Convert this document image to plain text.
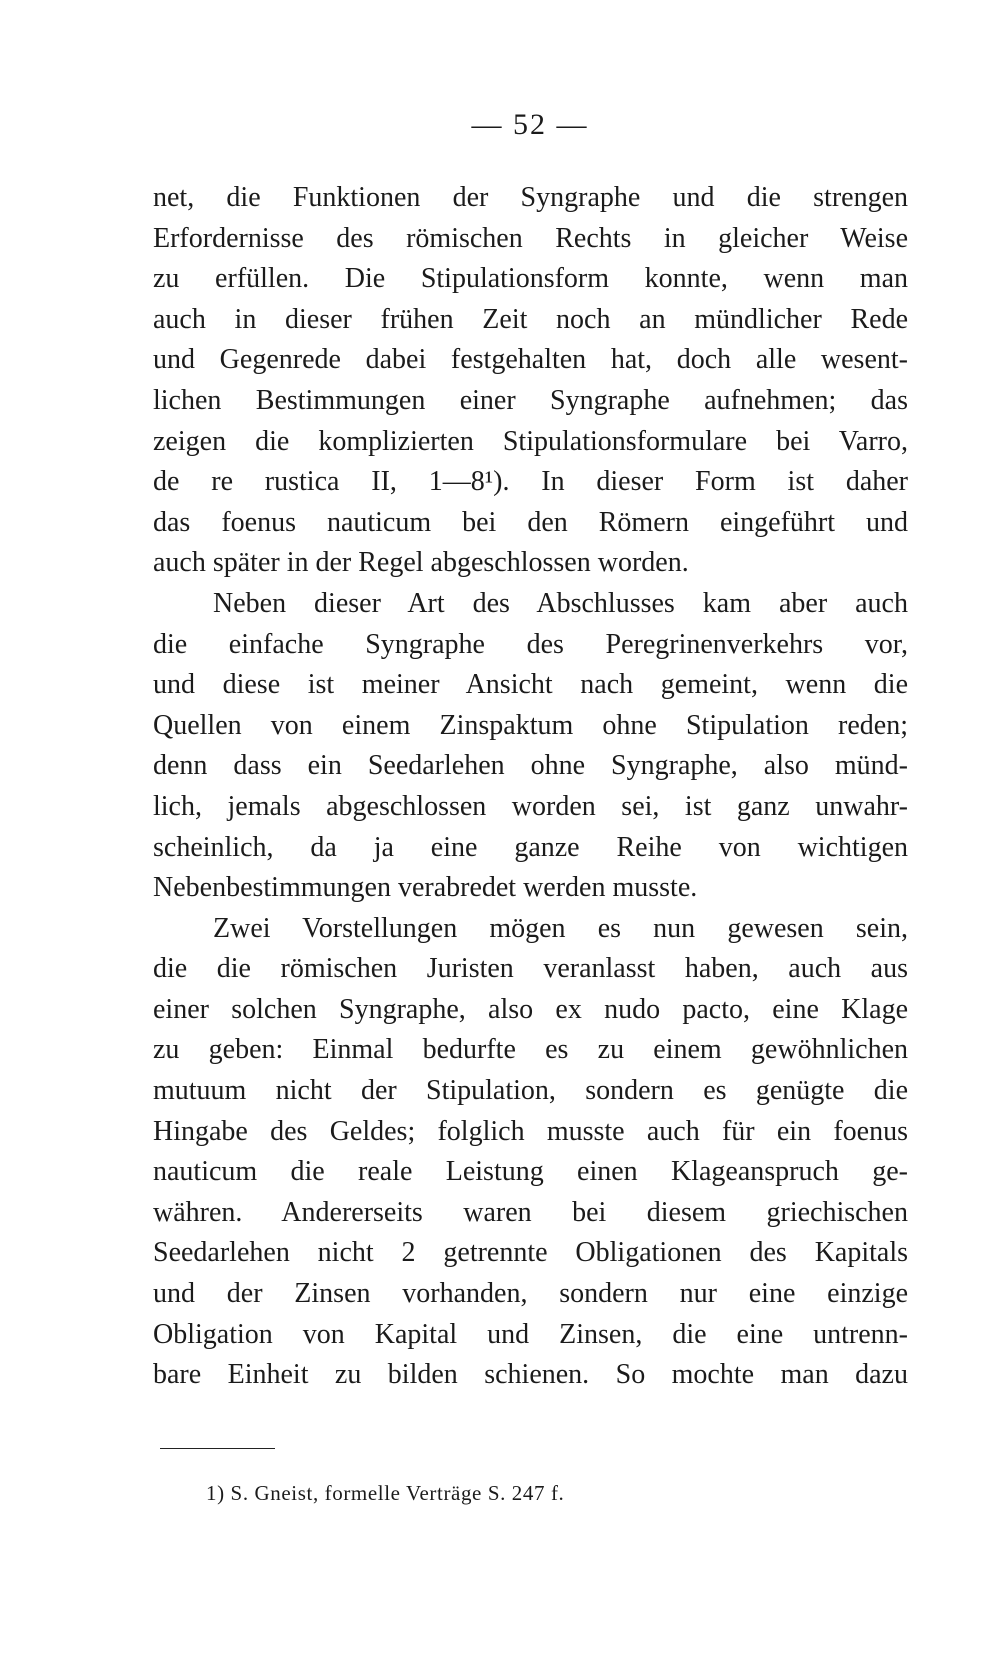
— 52 —
net, die Funktionen der Syngraphe und die strengen
Erfordernisse des römischen Rechts in gleicher Weise
zu erfüllen. Die Stipulationsform konnte, wenn man
auch in dieser frühen Zeit noch an mündlicher Rede
und Gegenrede dabei festgehalten hat, doch alle wesent-
lichen Bestimmungen einer Syngraphe aufnehmen; das
zeigen die komplizierten Stipulationsformulare bei Varro,
de re rustica II, 1—8¹). In dieser Form ist daher
das foenus nauticum bei den Römern eingeführt und
auch später in der Regel abgeschlossen worden.
Neben dieser Art des Abschlusses kam aber auch
die einfache Syngraphe des Peregrinenverkehrs vor,
und diese ist meiner Ansicht nach gemeint, wenn die
Quellen von einem Zinspaktum ohne Stipulation reden;
denn dass ein Seedarlehen ohne Syngraphe, also münd-
lich, jemals abgeschlossen worden sei, ist ganz unwahr-
scheinlich, da ja eine ganze Reihe von wichtigen
Nebenbestimmungen verabredet werden musste.
Zwei Vorstellungen mögen es nun gewesen sein,
die die römischen Juristen veranlasst haben, auch aus
einer solchen Syngraphe, also ex nudo pacto, eine Klage
zu geben: Einmal bedurfte es zu einem gewöhnlichen
mutuum nicht der Stipulation, sondern es genügte die
Hingabe des Geldes; folglich musste auch für ein foenus
nauticum die reale Leistung einen Klageanspruch ge-
währen. Andererseits waren bei diesem griechischen
Seedarlehen nicht 2 getrennte Obligationen des Kapitals
und der Zinsen vorhanden, sondern nur eine einzige
Obligation von Kapital und Zinsen, die eine untrenn-
bare Einheit zu bilden schienen. So mochte man dazu
1) S. Gneist, formelle Verträge S. 247 f.
